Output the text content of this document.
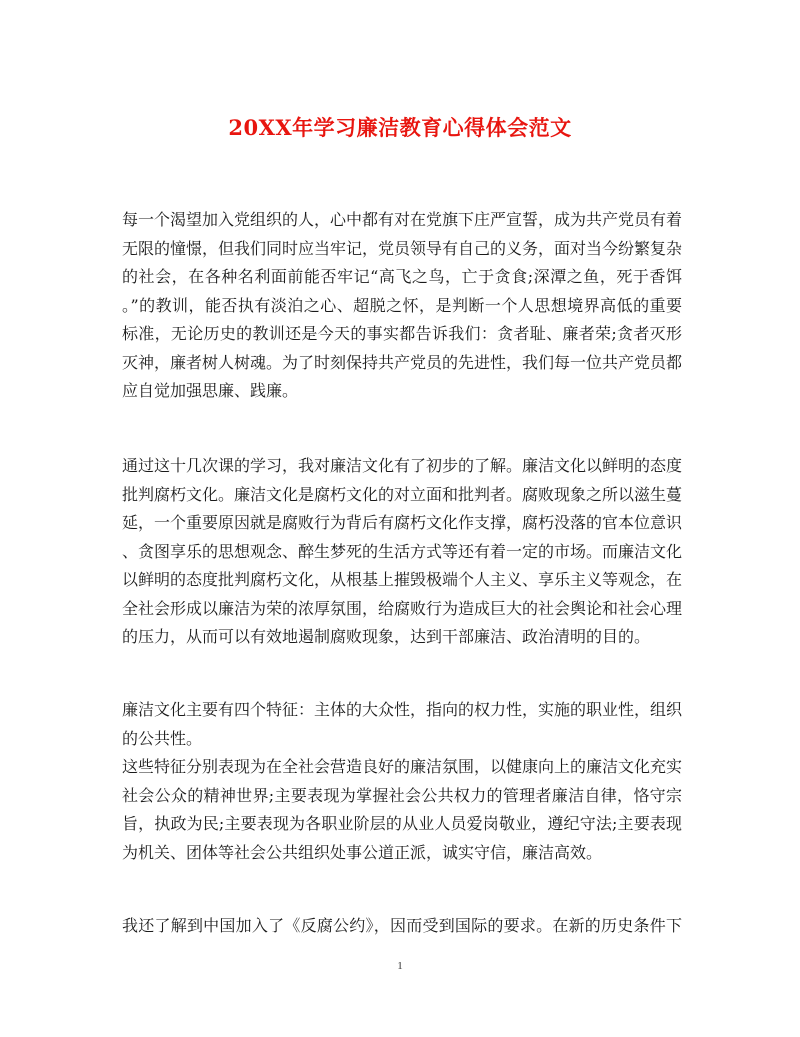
20XX年学习廉洁教育心得体会范文
每一个渴望加入党组织的人，心中都有对在党旗下庄严宣誓，成为共产党员有着
无限的憧憬，但我们同时应当牢记，党员领导有自己的义务，面对当今纷繁复杂
的社会，在各种名利面前能否牢记“高飞之鸟，亡于贪食;深潭之鱼，死于香饵
。”的教训，能否执有淡泊之心、超脱之怀，是判断一个人思想境界高低的重要
标准，无论历史的教训还是今天的事实都告诉我们：贪者耻、廉者荣;贪者灭形
灭神，廉者树人树魂。为了时刻保持共产党员的先进性，我们每一位共产党员都
应自觉加强思廉、践廉。
通过这十几次课的学习，我对廉洁文化有了初步的了解。廉洁文化以鲜明的态度
批判腐朽文化。廉洁文化是腐朽文化的对立面和批判者。腐败现象之所以滋生蔓
延，一个重要原因就是腐败行为背后有腐朽文化作支撑，腐朽没落的官本位意识
、贪图享乐的思想观念、醉生梦死的生活方式等还有着一定的市场。而廉洁文化
以鲜明的态度批判腐朽文化，从根基上摧毁极端个人主义、享乐主义等观念，在
全社会形成以廉洁为荣的浓厚氛围，给腐败行为造成巨大的社会舆论和社会心理
的压力，从而可以有效地遏制腐败现象，达到干部廉洁、政治清明的目的。
廉洁文化主要有四个特征：主体的大众性，指向的权力性，实施的职业性，组织
的公共性。
这些特征分别表现为在全社会营造良好的廉洁氛围，以健康向上的廉洁文化充实
社会公众的精神世界;主要表现为掌握社会公共权力的管理者廉洁自律，恪守宗
旨，执政为民;主要表现为各职业阶层的从业人员爱岗敬业，遵纪守法;主要表现
为机关、团体等社会公共组织处事公道正派，诚实守信，廉洁高效。
我还了解到中国加入了《反腐公约》，因而受到国际的要求。在新的历史条件下
1
